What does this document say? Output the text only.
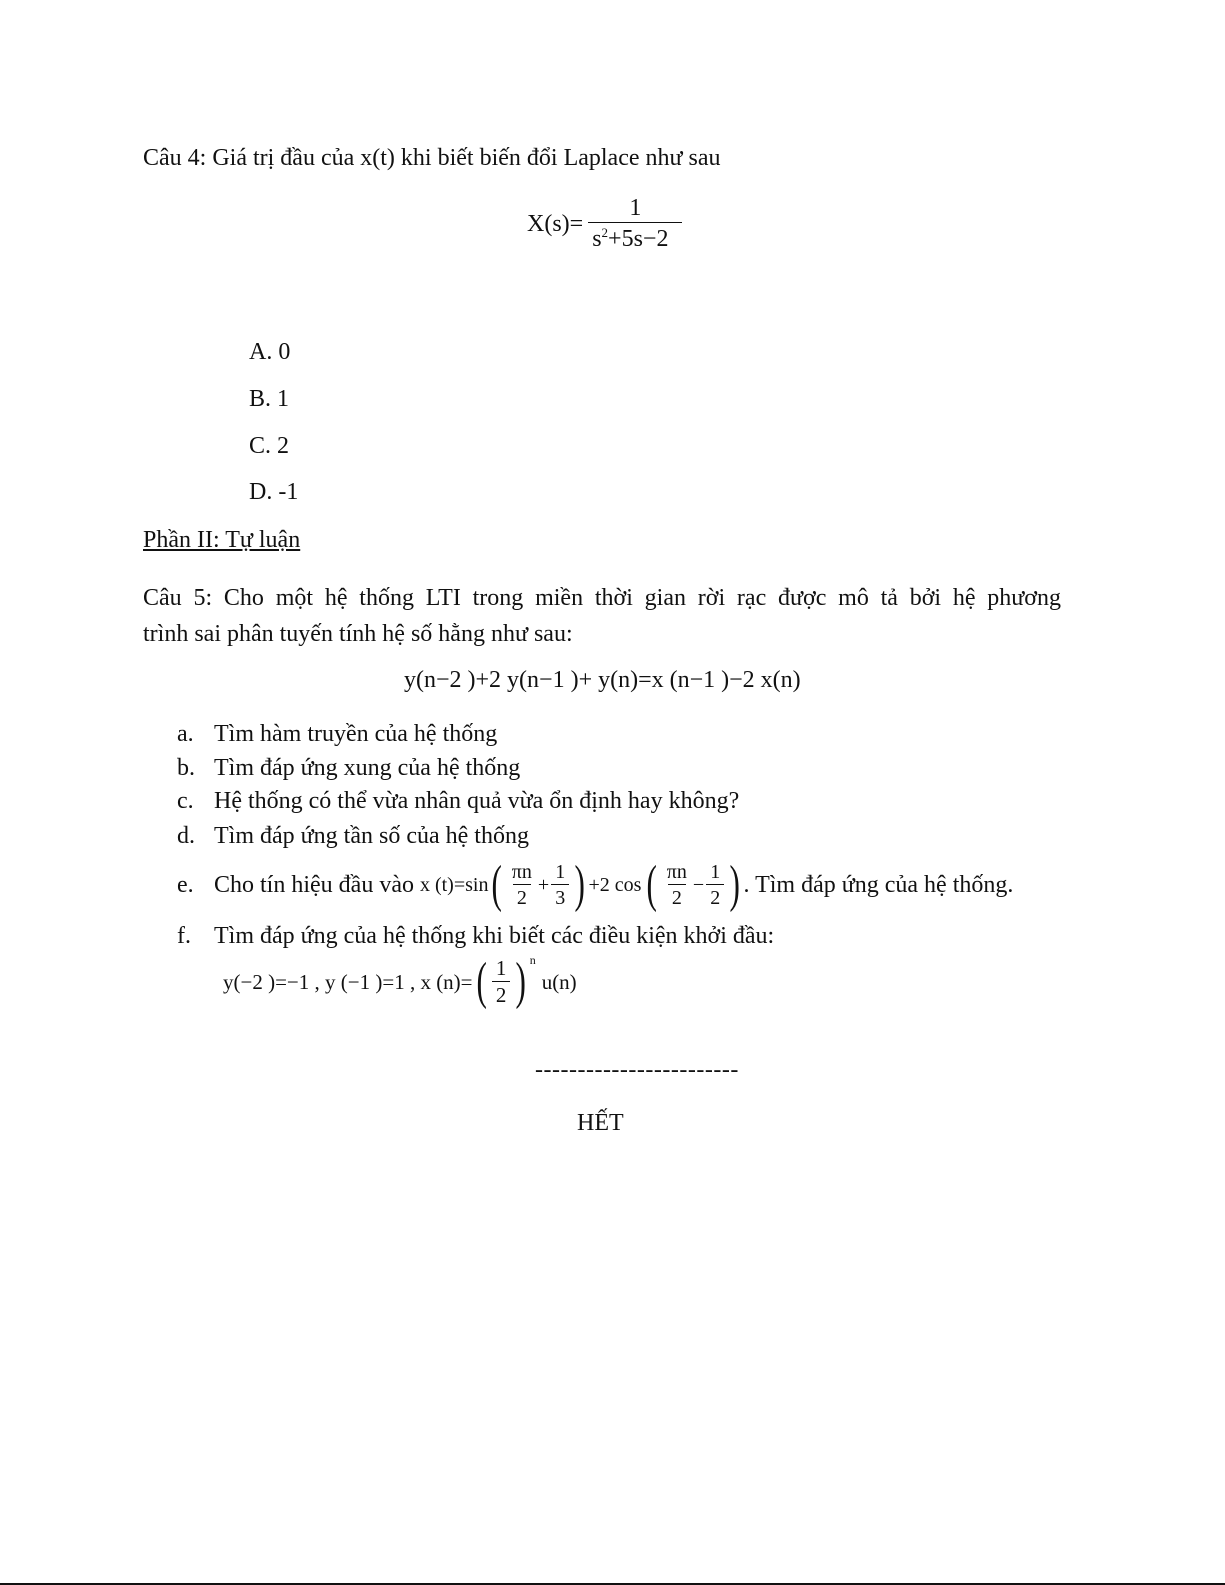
Câu 4: Giá trị đầu của x(t) khi biết biến đổi Laplace như sau
$X(s)= \frac{1}{s^2+5s-2}$
A. 0
B. 1
C. 2
D. -1
Phần II: Tự luận
Câu 5: Cho một hệ thống LTI trong miền thời gian rời rạc được mô tả bởi hệ phương
trình sai phân tuyến tính hệ số hằng như sau:
y(n−2 )+2 y(n−1 )+ y(n)=x (n−1 )−2 x(n)
a. Tìm hàm truyền của hệ thống
b. Tìm đáp ứng xung của hệ thống
c. Hệ thống có thể vừa nhân quả vừa ổn định hay không?
d. Tìm đáp ứng tần số của hệ thống
e. Cho tín hiệu đầu vào x (t)=sin ( $\frac{\pi n}{2} + \frac{1}{3}$ ) +2 cos ( $\frac{\pi n}{2} - \frac{1}{2}$ ) . Tìm đáp ứng của hệ thống.
f. Tìm đáp ứng của hệ thống khi biết các điều kiện khởi đầu:
y(−2 )=−1 , y (−1 )=1 , x (n)= ( $\frac{1}{2}$ ) $^n$
u(n)
------------------------
HẾT
